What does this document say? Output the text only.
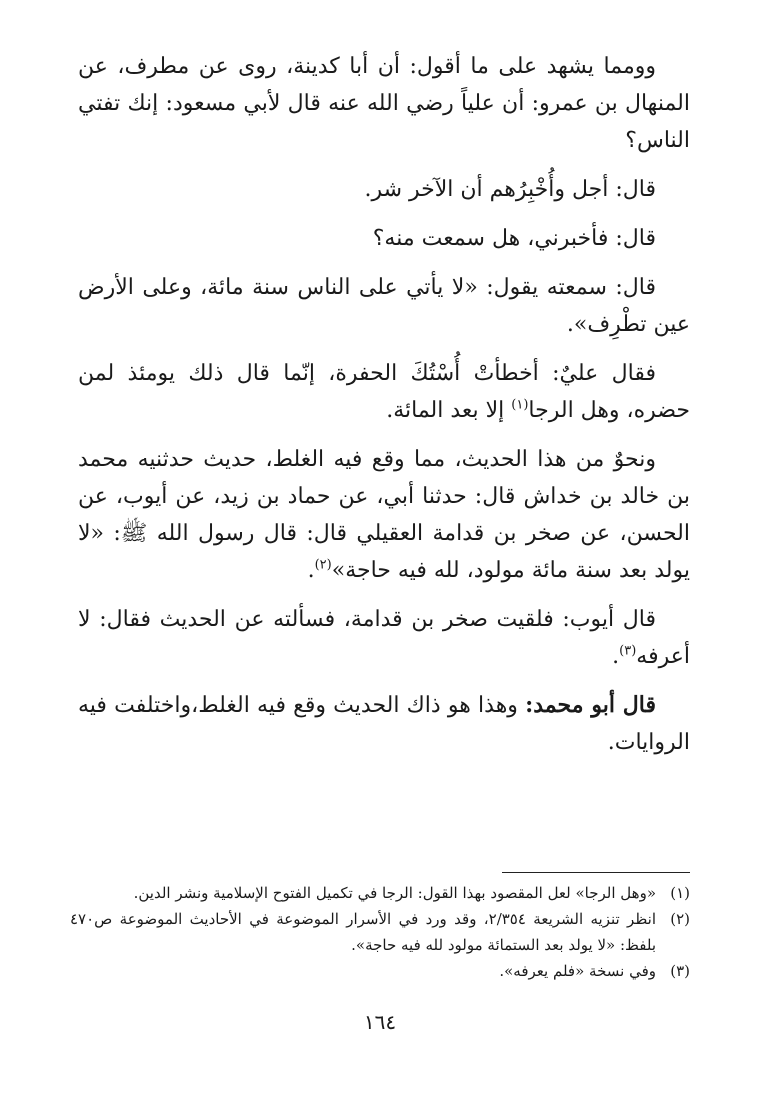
وومما يشهد على ما أقول: أن أبا كدينة، روى عن مطرف، عن المنهال بن عمرو: أن علياً رضي الله عنه قال لأبي مسعود: إنك تفتي الناس؟

قال: أجل وأُخْبِرُهم أن الآخر شر.

قال: فأخبرني، هل سمعت منه؟

قال: سمعته يقول: «لا يأتي على الناس سنة مائة، وعلى الأرض عين تطْرِف».

فقال عليٌ: أخطأتْ أُسْتُكَ الحفرة، إنّما قال ذلك يومئذ لمن حضره، وهل الرجا$^{(١)}$ إلا بعد المائة.

ونحوٌ من هذا الحديث، مما وقع فيه الغلط، حديث حدثنيه محمد بن خالد بن خداش قال: حدثنا أبي، عن حماد بن زيد، عن أيوب، عن الحسن، عن صخر بن قدامة العقيلي قال: قال رسول الله ﷺ: «لا يولد بعد سنة مائة مولود، لله فيه حاجة»$^{(٢)}$.

قال أيوب: فلقيت صخر بن قدامة، فسألته عن الحديث فقال: لا أعرفه$^{(٣)}$.

قال أبو محمد: وهذا هو ذاك الحديث وقع فيه الغلط،واختلفت فيه الروايات.

(١)
«وهل الرجا» لعل المقصود بهذا القول: الرجا في تكميل الفتوح الإسلامية ونشر الدين.
(٢)
انظر تنزيه الشريعة ٢/٣٥٤، وقد ورد في الأسرار الموضوعة في الأحاديث الموضوعة ص٤٧٠ بلفظ: «لا يولد بعد الستمائة مولود لله فيه حاجة».
(٣)
وفي نسخة «فلم يعرفه».
١٦٤
